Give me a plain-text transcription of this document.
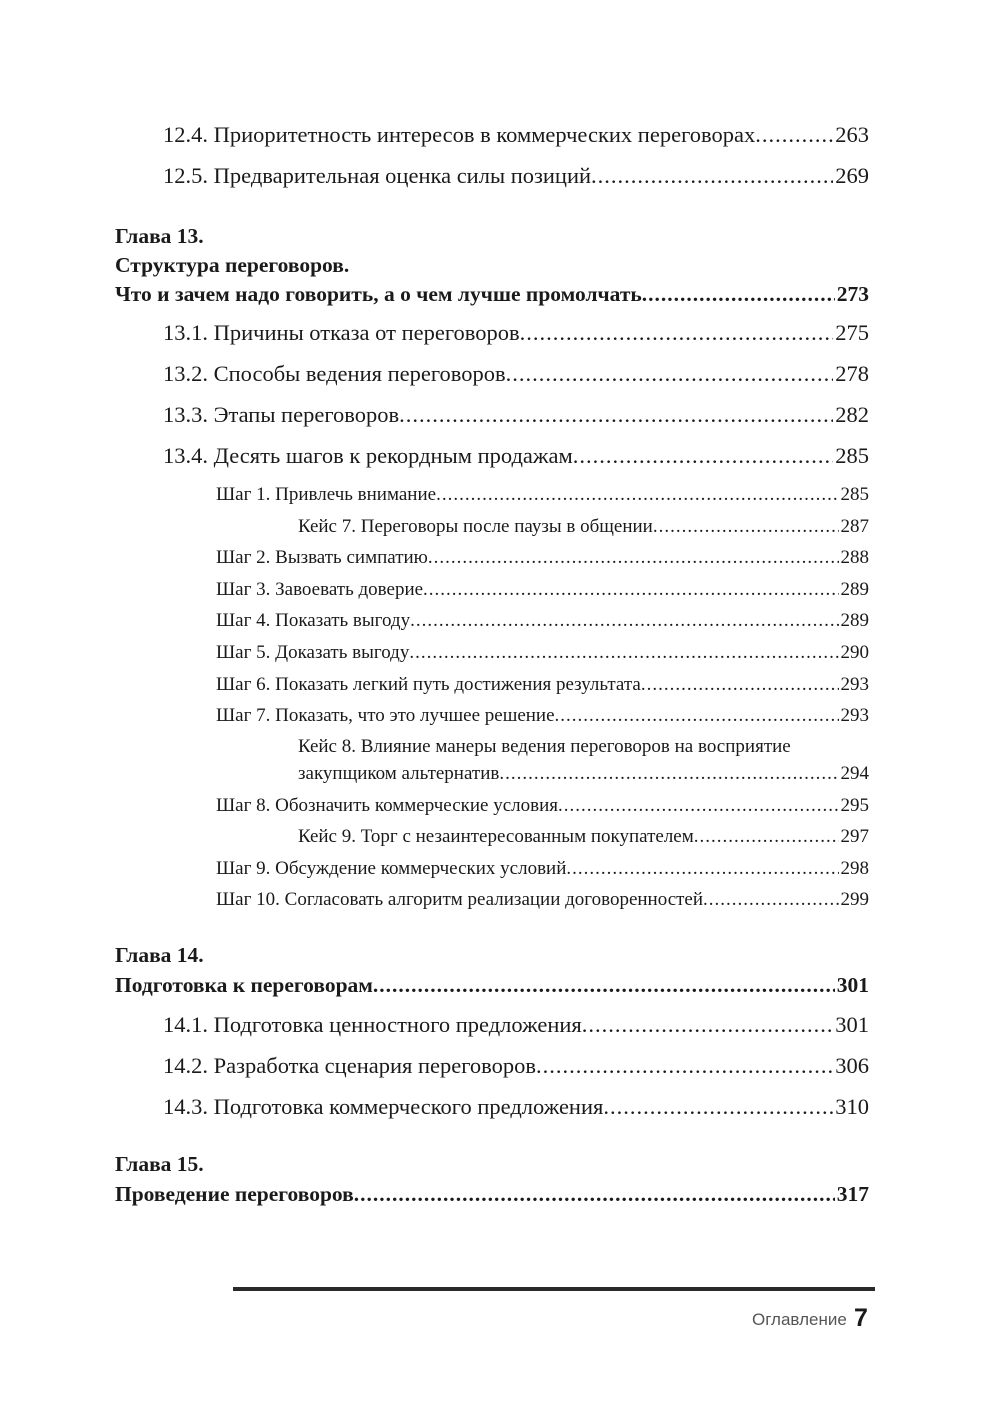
12.4. Приоритетность интересов в коммерческих переговорах .....	263
12.5. Предварительная оценка силы позиций .....	269
Глава 13.
Структура переговоров.
Что и зачем надо говорить, а о чем лучше промолчать .....	273
13.1. Причины отказа от переговоров .....	275
13.2. Способы ведения переговоров .....	278
13.3. Этапы переговоров .....	282
13.4. Десять шагов к рекордным продажам .....	285
Шаг 1. Привлечь внимание .....	285
Кейс 7. Переговоры после паузы в общении .....	287
Шаг 2. Вызвать симпатию .....	288
Шаг 3. Завоевать доверие .....	289
Шаг 4. Показать выгоду .....	289
Шаг 5. Доказать выгоду .....	290
Шаг 6. Показать легкий путь достижения результата .....	293
Шаг 7. Показать, что это лучшее решение .....	293
Кейс 8. Влияние манеры ведения переговоров на восприятие
закупщиком альтернатив .....	294
Шаг 8. Обозначить коммерческие условия .....	295
Кейс 9. Торг с незаинтересованным покупателем .....	297
Шаг 9. Обсуждение коммерческих условий .....	298
Шаг 10. Согласовать алгоритм реализации договоренностей .....	299
Глава 14.
Подготовка к переговорам .....	301
14.1. Подготовка ценностного предложения .....	301
14.2. Разработка сценария переговоров .....	306
14.3. Подготовка коммерческого предложения .....	310
Глава 15.
Проведение переговоров .....	317
Оглавление 7
